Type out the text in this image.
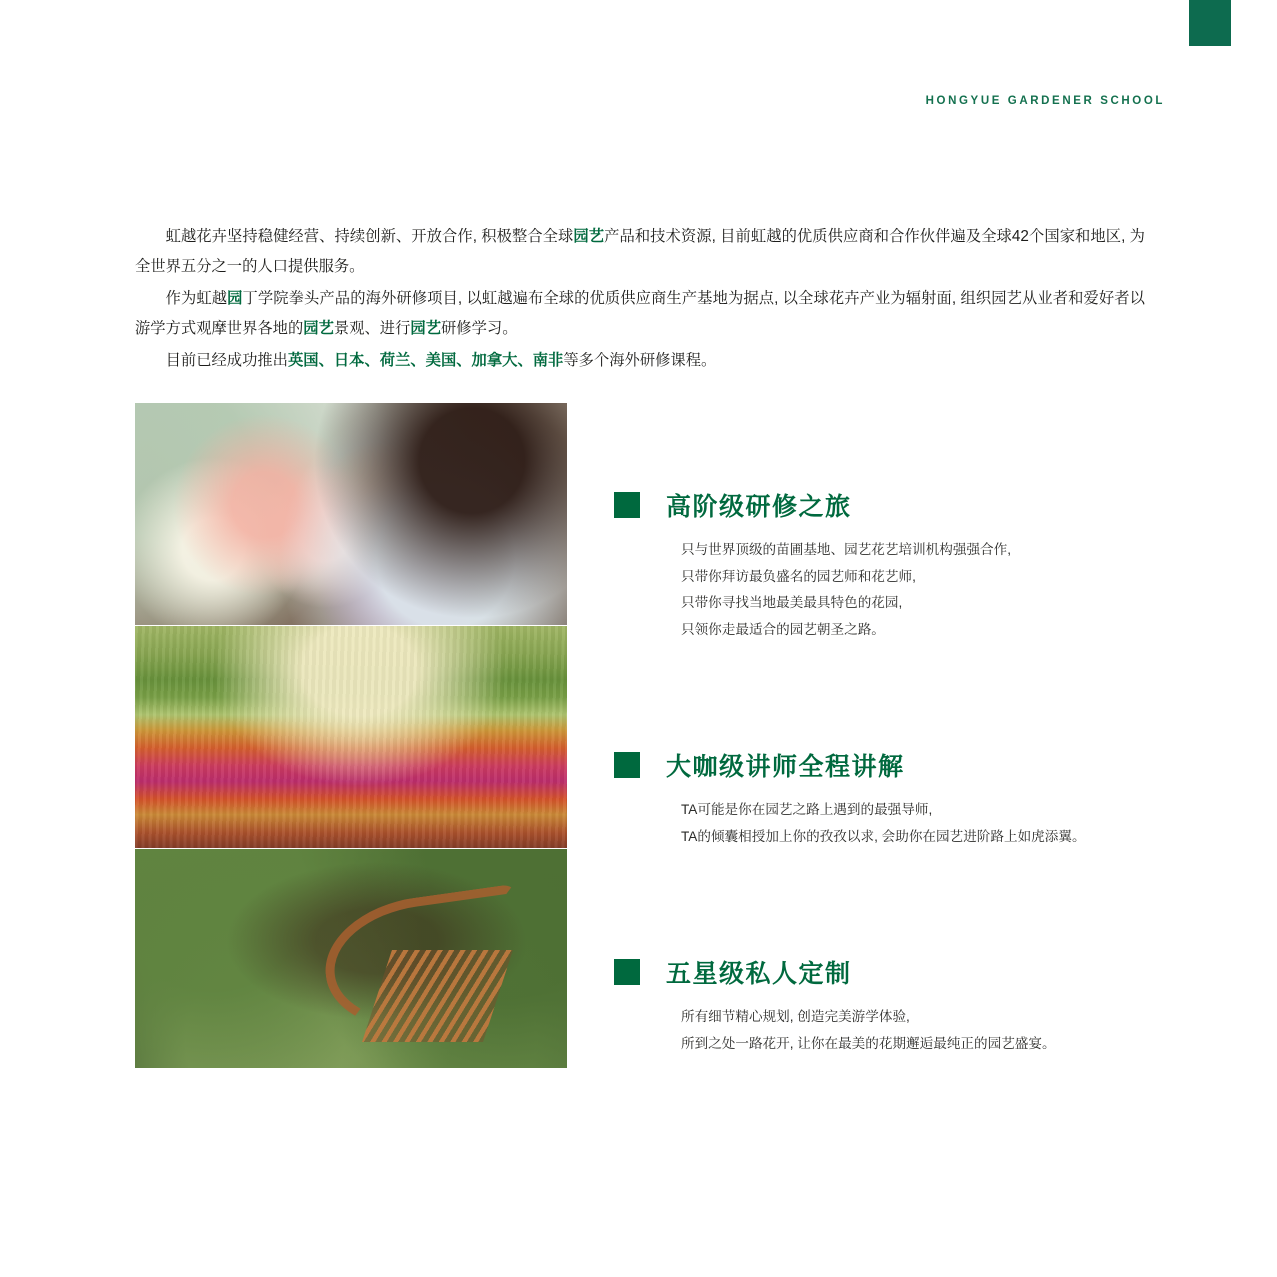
HONGYUE GARDENER SCHOOL

虹越花卉坚持稳健经营、持续创新、开放合作, 积极整合全球园艺产品和技术资源, 目前虹越的优质供应商和合作伙伴遍及全球42个国家和地区, 为全世界五分之一的人口提供服务。

作为虹越园丁学院拳头产品的海外研修项目, 以虹越遍布全球的优质供应商生产基地为据点, 以全球花卉产业为辐射面, 组织园艺从业者和爱好者以游学方式观摩世界各地的园艺景观、进行园艺研修学习。

目前已经成功推出英国、日本、荷兰、美国、加拿大、南非等多个海外研修课程。

高阶级研修之旅
只与世界顶级的苗圃基地、园艺花艺培训机构强强合作,
只带你拜访最负盛名的园艺师和花艺师,
只带你寻找当地最美最具特色的花园,
只领你走最适合的园艺朝圣之路。
大咖级讲师全程讲解
TA可能是你在园艺之路上遇到的最强导师,
TA的倾囊相授加上你的孜孜以求, 会助你在园艺进阶路上如虎添翼。
五星级私人定制
所有细节精心规划, 创造完美游学体验,
所到之处一路花开, 让你在最美的花期邂逅最纯正的园艺盛宴。
